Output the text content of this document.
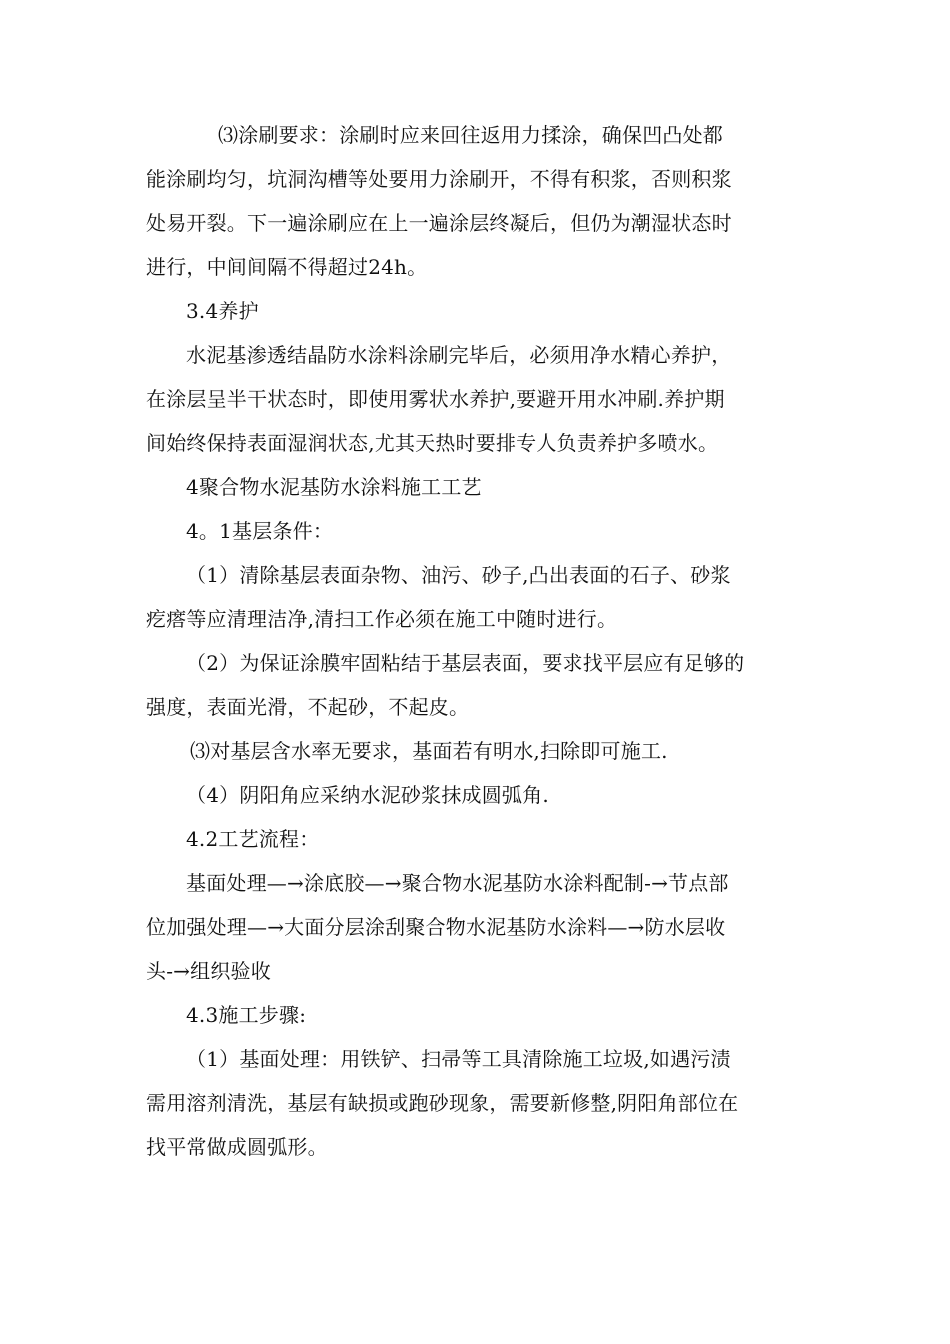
⑶涂刷要求：涂刷时应来回往返用力揉涂，确保凹凸处都
能涂刷均匀，坑洞沟槽等处要用力涂刷开，不得有积浆，否则积浆
处易开裂。下一遍涂刷应在上一遍涂层终凝后，但仍为潮湿状态时
进行，中间间隔不得超过24h。
3.4养护
水泥基渗透结晶防水涂料涂刷完毕后，必须用净水精心养护，
在涂层呈半干状态时，即使用雾状水养护,要避开用水冲刷.养护期
间始终保持表面湿润状态,尤其天热时要排专人负责养护多喷水。
4聚合物水泥基防水涂料施工工艺
4。1基层条件：
（1）清除基层表面杂物、油污、砂子,凸出表面的石子、砂浆
疙瘩等应清理洁净,清扫工作必须在施工中随时进行。
（2）为保证涂膜牢固粘结于基层表面，要求找平层应有足够的
强度，表面光滑，不起砂，不起皮。
⑶对基层含水率无要求，基面若有明水,扫除即可施工.
（4）阴阳角应采纳水泥砂浆抹成圆弧角.
4.2工艺流程：
基面处理—→涂底胶—→聚合物水泥基防水涂料配制-→节点部
位加强处理—→大面分层涂刮聚合物水泥基防水涂料—→防水层收
头-→组织验收
4.3施工步骤:
（1）基面处理：用铁铲、扫帚等工具清除施工垃圾,如遇污渍
需用溶剂清洗，基层有缺损或跑砂现象，需要新修整,阴阳角部位在
找平常做成圆弧形。
